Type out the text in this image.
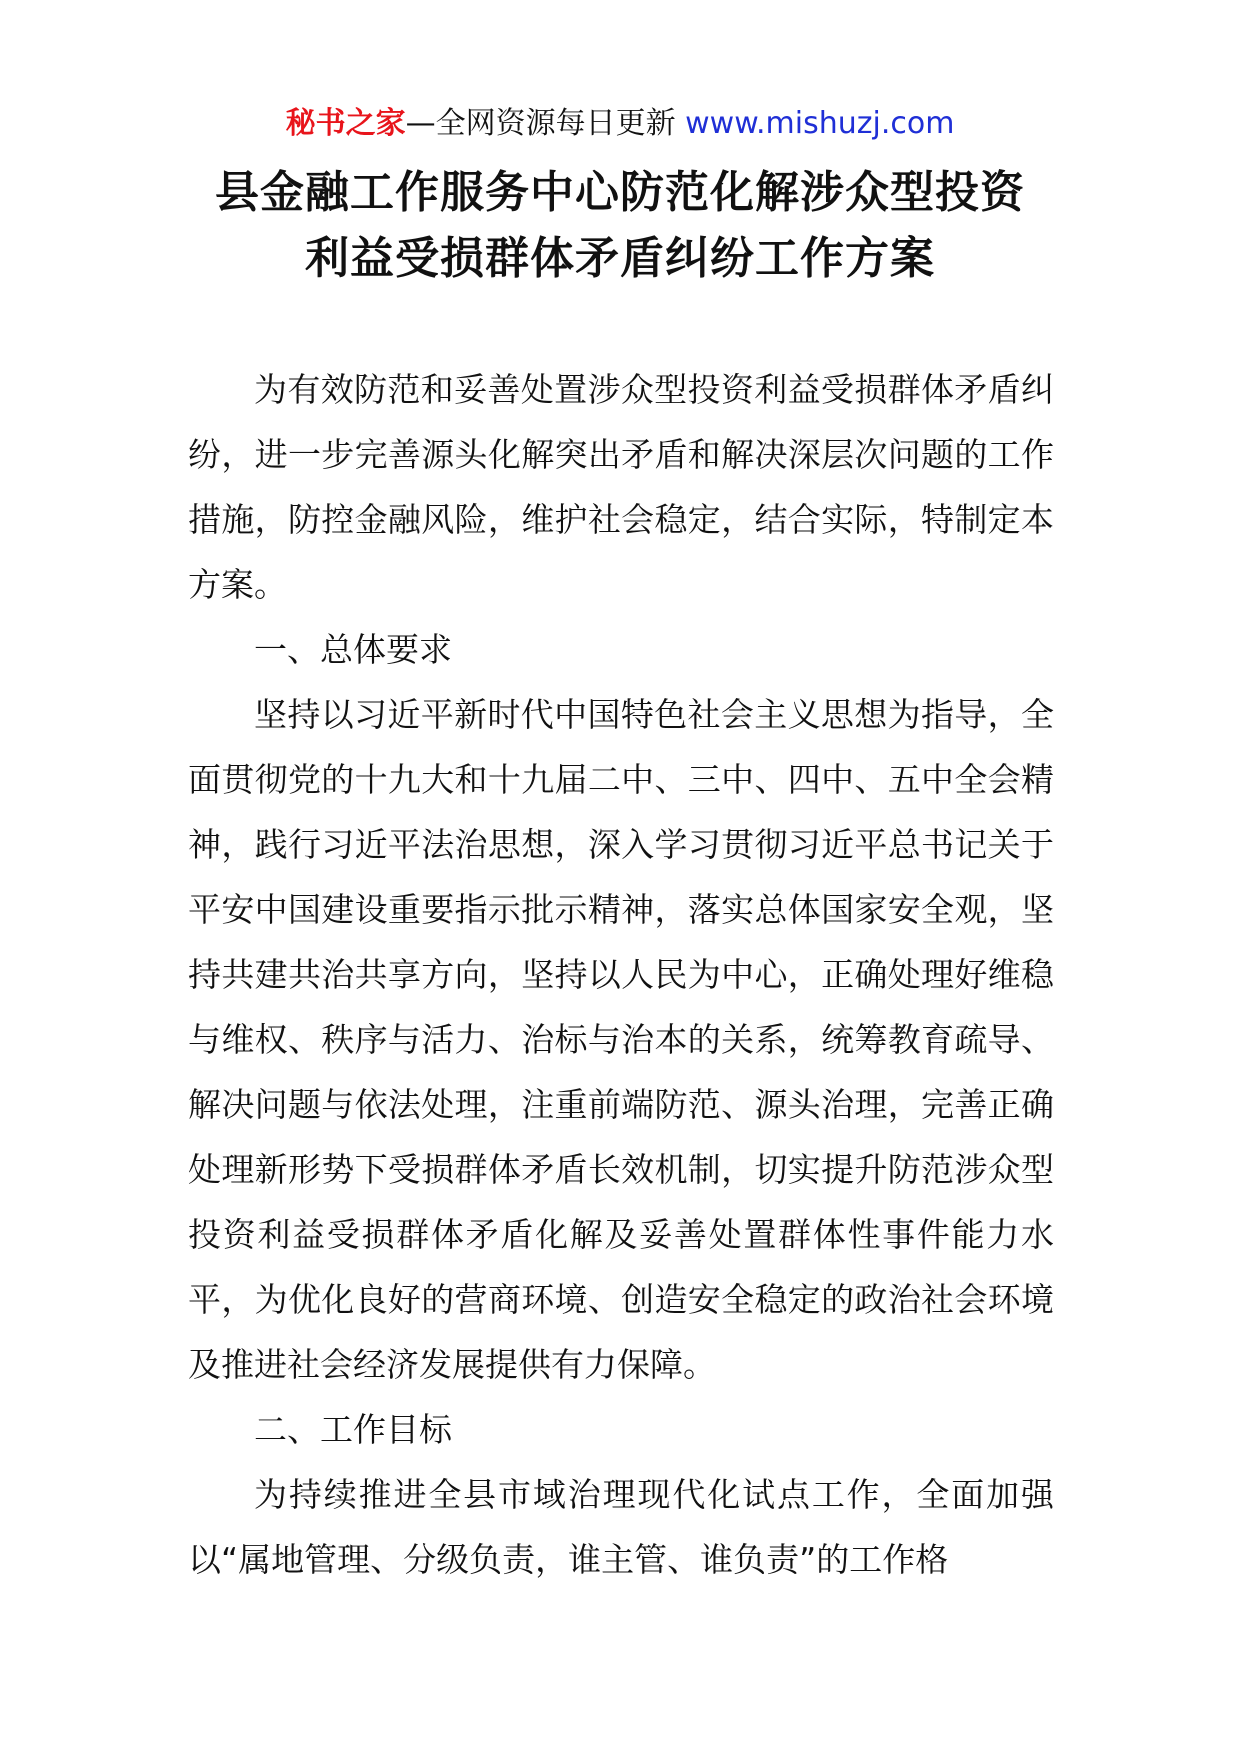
秘书之家—全网资源每日更新 www.mishuzj.com
县金融工作服务中心防范化解涉众型投资
利益受损群体矛盾纠纷工作方案

为有效防范和妥善处置涉众型投资利益受损群体矛盾纠纷，进一步完善源头化解突出矛盾和解决深层次问题的工作措施，防控金融风险，维护社会稳定，结合实际，特制定本方案。

一、总体要求

坚持以习近平新时代中国特色社会主义思想为指导，全面贯彻党的十九大和十九届二中、三中、四中、五中全会精神，践行习近平法治思想，深入学习贯彻习近平总书记关于平安中国建设重要指示批示精神，落实总体国家安全观，坚持共建共治共享方向，坚持以人民为中心，正确处理好维稳与维权、秩序与活力、治标与治本的关系，统筹教育疏导、解决问题与依法处理，注重前端防范、源头治理，完善正确处理新形势下受损群体矛盾长效机制，切实提升防范涉众型投资利益受损群体矛盾化解及妥善处置群体性事件能力水平，为优化良好的营商环境、创造安全稳定的政治社会环境及推进社会经济发展提供有力保障。

二、工作目标

为持续推进全县市域治理现代化试点工作，全面加强以“属地管理、分级负责，谁主管、谁负责”的工作格
